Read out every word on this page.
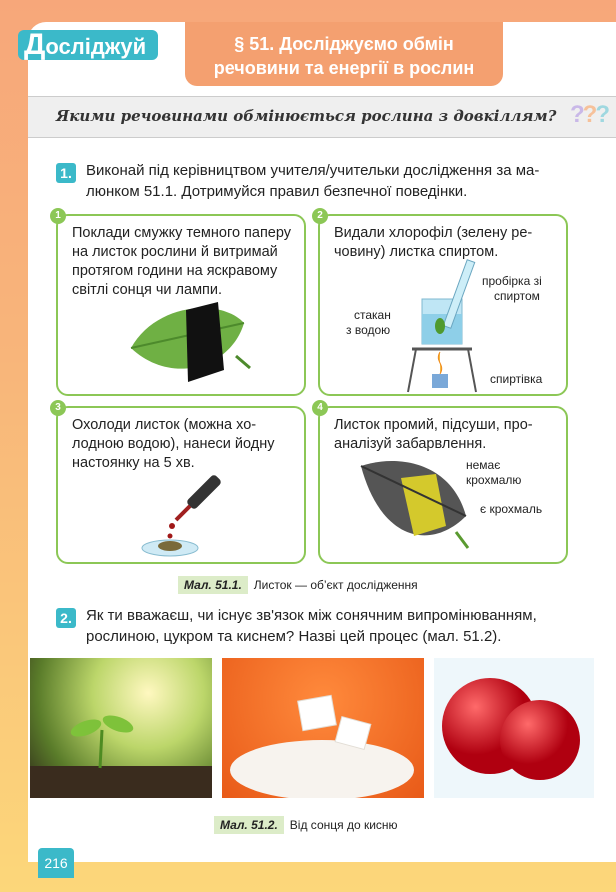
Досліджуй	§ 51. Досліджуємо обмін
речовини та енергії в рослин
Якими речовинами обмінюється рослина з довкіллям? ???
1. Виконай під керівництвом учителя/учительки дослідження за ма-
люнком 51.1. Дотримуйся правил безпечної поведінки.
1
Поклади смужку темного паперу
на листок рослини й витримай
протягом години на яскравому
світлі сонця чи лампи.
2
Видали хлорофіл (зелену ре-
човину) листка спиртом.
пробірка зі
спиртом
стакан
з водою
спиртівка
3
Охолоди листок (можна хо-
лодною водою), нанеси йодну
настоянку на 5 хв.
4
Листок промий, підсуши, про-
аналізуй забарвлення.
немає
крохмалю
є крохмаль
Мал. 51.1. Листок — об’єкт дослідження
2. Як ти вважаєш, чи існує зв'язок між сонячним випромінюванням,
рослиною, цукром та киснем? Назві цей процес (мал. 51.2).
Мал. 51.2. Від сонця до кисню
216
